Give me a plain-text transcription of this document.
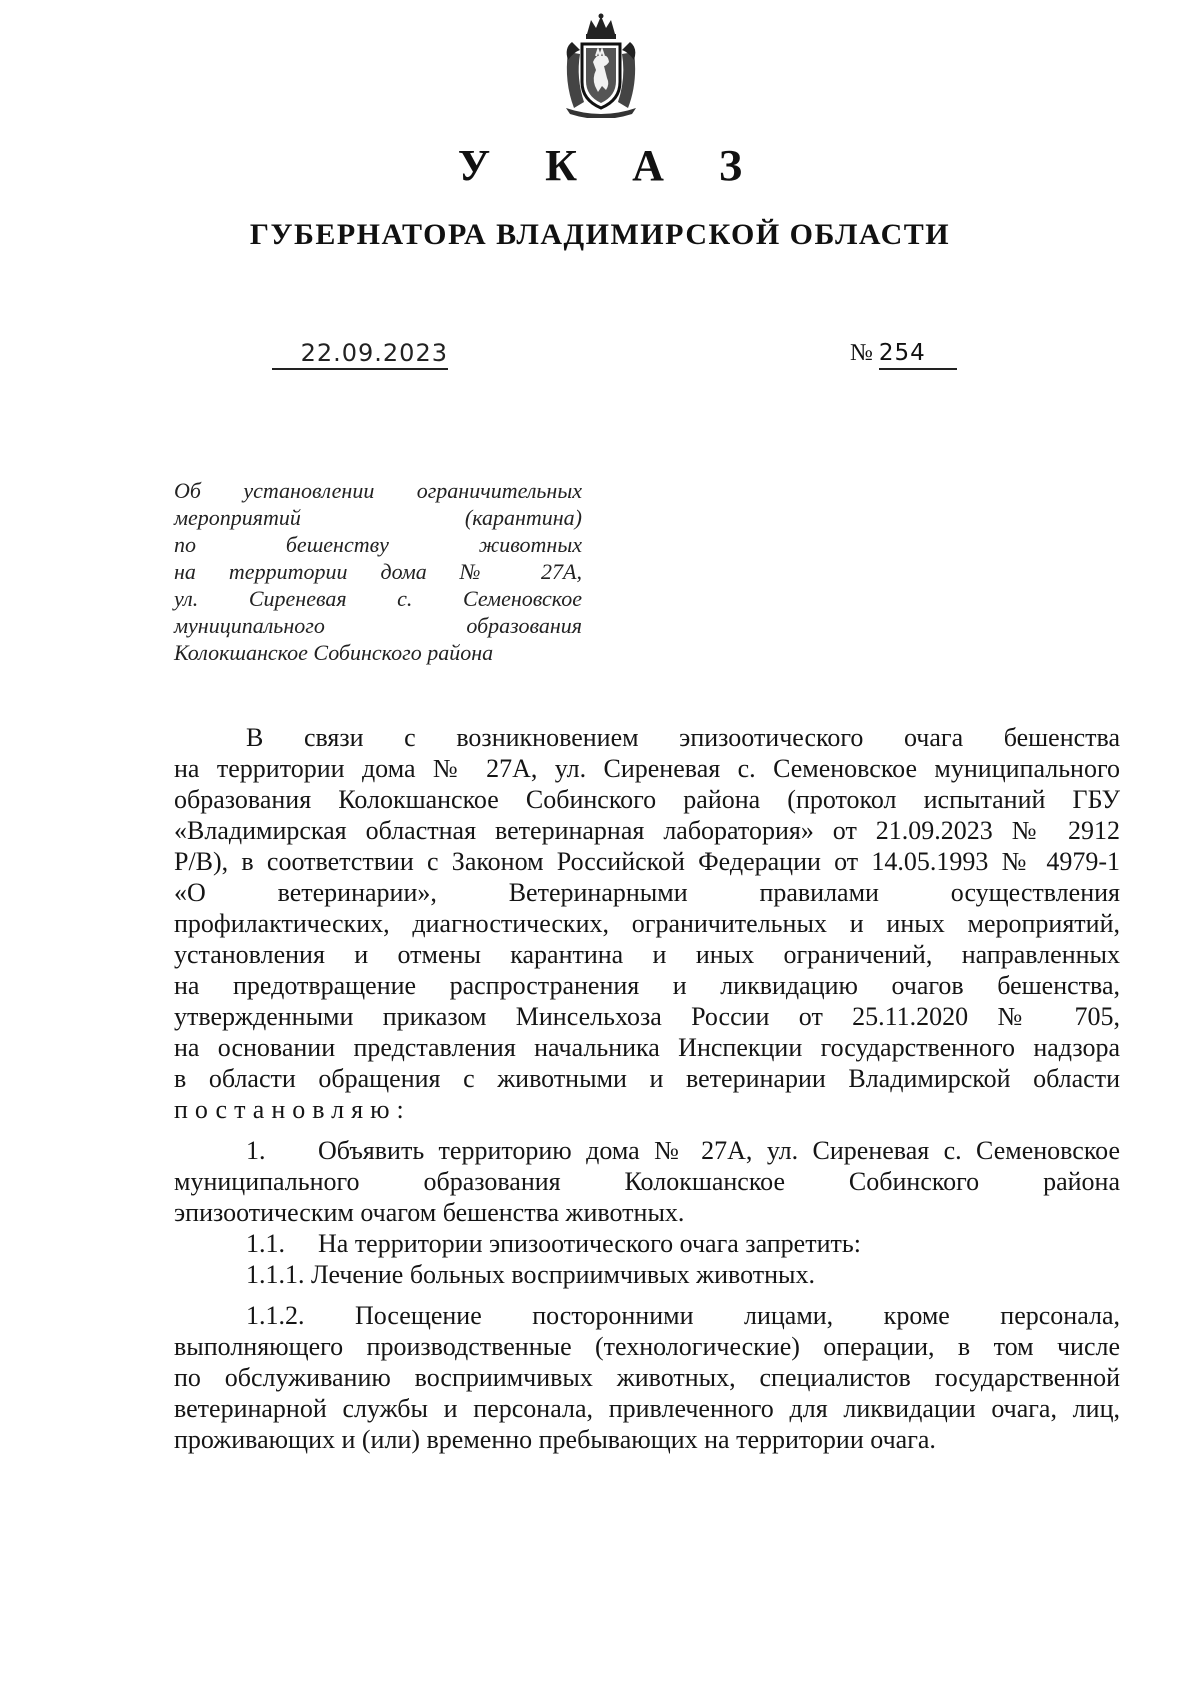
У К А З
ГУБЕРНАТОРА ВЛАДИМИРСКОЙ ОБЛАСТИ
22.09.2023	№ 254
Об установлении ограничительных
мероприятий (карантина)
по бешенству животных
на территории дома № 27А,
ул. Сиреневая с. Семеновское
муниципального образования
Колокшанское Собинского района
В связи с возникновением эпизоотического очага бешенства
на территории дома № 27А, ул. Сиреневая с. Семеновское муниципального
образования Колокшанское Собинского района (протокол испытаний ГБУ
«Владимирская областная ветеринарная лаборатория» от 21.09.2023 № 2912
Р/В), в соответствии с Законом Российской Федерации от 14.05.1993 № 4979-1
«О ветеринарии», Ветеринарными правилами осуществления
профилактических, диагностических, ограничительных и иных мероприятий,
установления и отмены карантина и иных ограничений, направленных
на предотвращение распространения и ликвидацию очагов бешенства,
утвержденными приказом Минсельхоза России от 25.11.2020 № 705,
на основании представления начальника Инспекции государственного надзора
в области обращения с животными и ветеринарии Владимирской области
постановляю:
1. Объявить территорию дома № 27А, ул. Сиреневая с. Семеновское
муниципального образования Колокшанское Собинского района
эпизоотическим очагом бешенства животных.
1.1. На территории эпизоотического очага запретить:
1.1.1. Лечение больных восприимчивых животных.
1.1.2. Посещение посторонними лицами, кроме персонала,
выполняющего производственные (технологические) операции, в том числе
по обслуживанию восприимчивых животных, специалистов государственной
ветеринарной службы и персонала, привлеченного для ликвидации очага, лиц,
проживающих и (или) временно пребывающих на территории очага.
